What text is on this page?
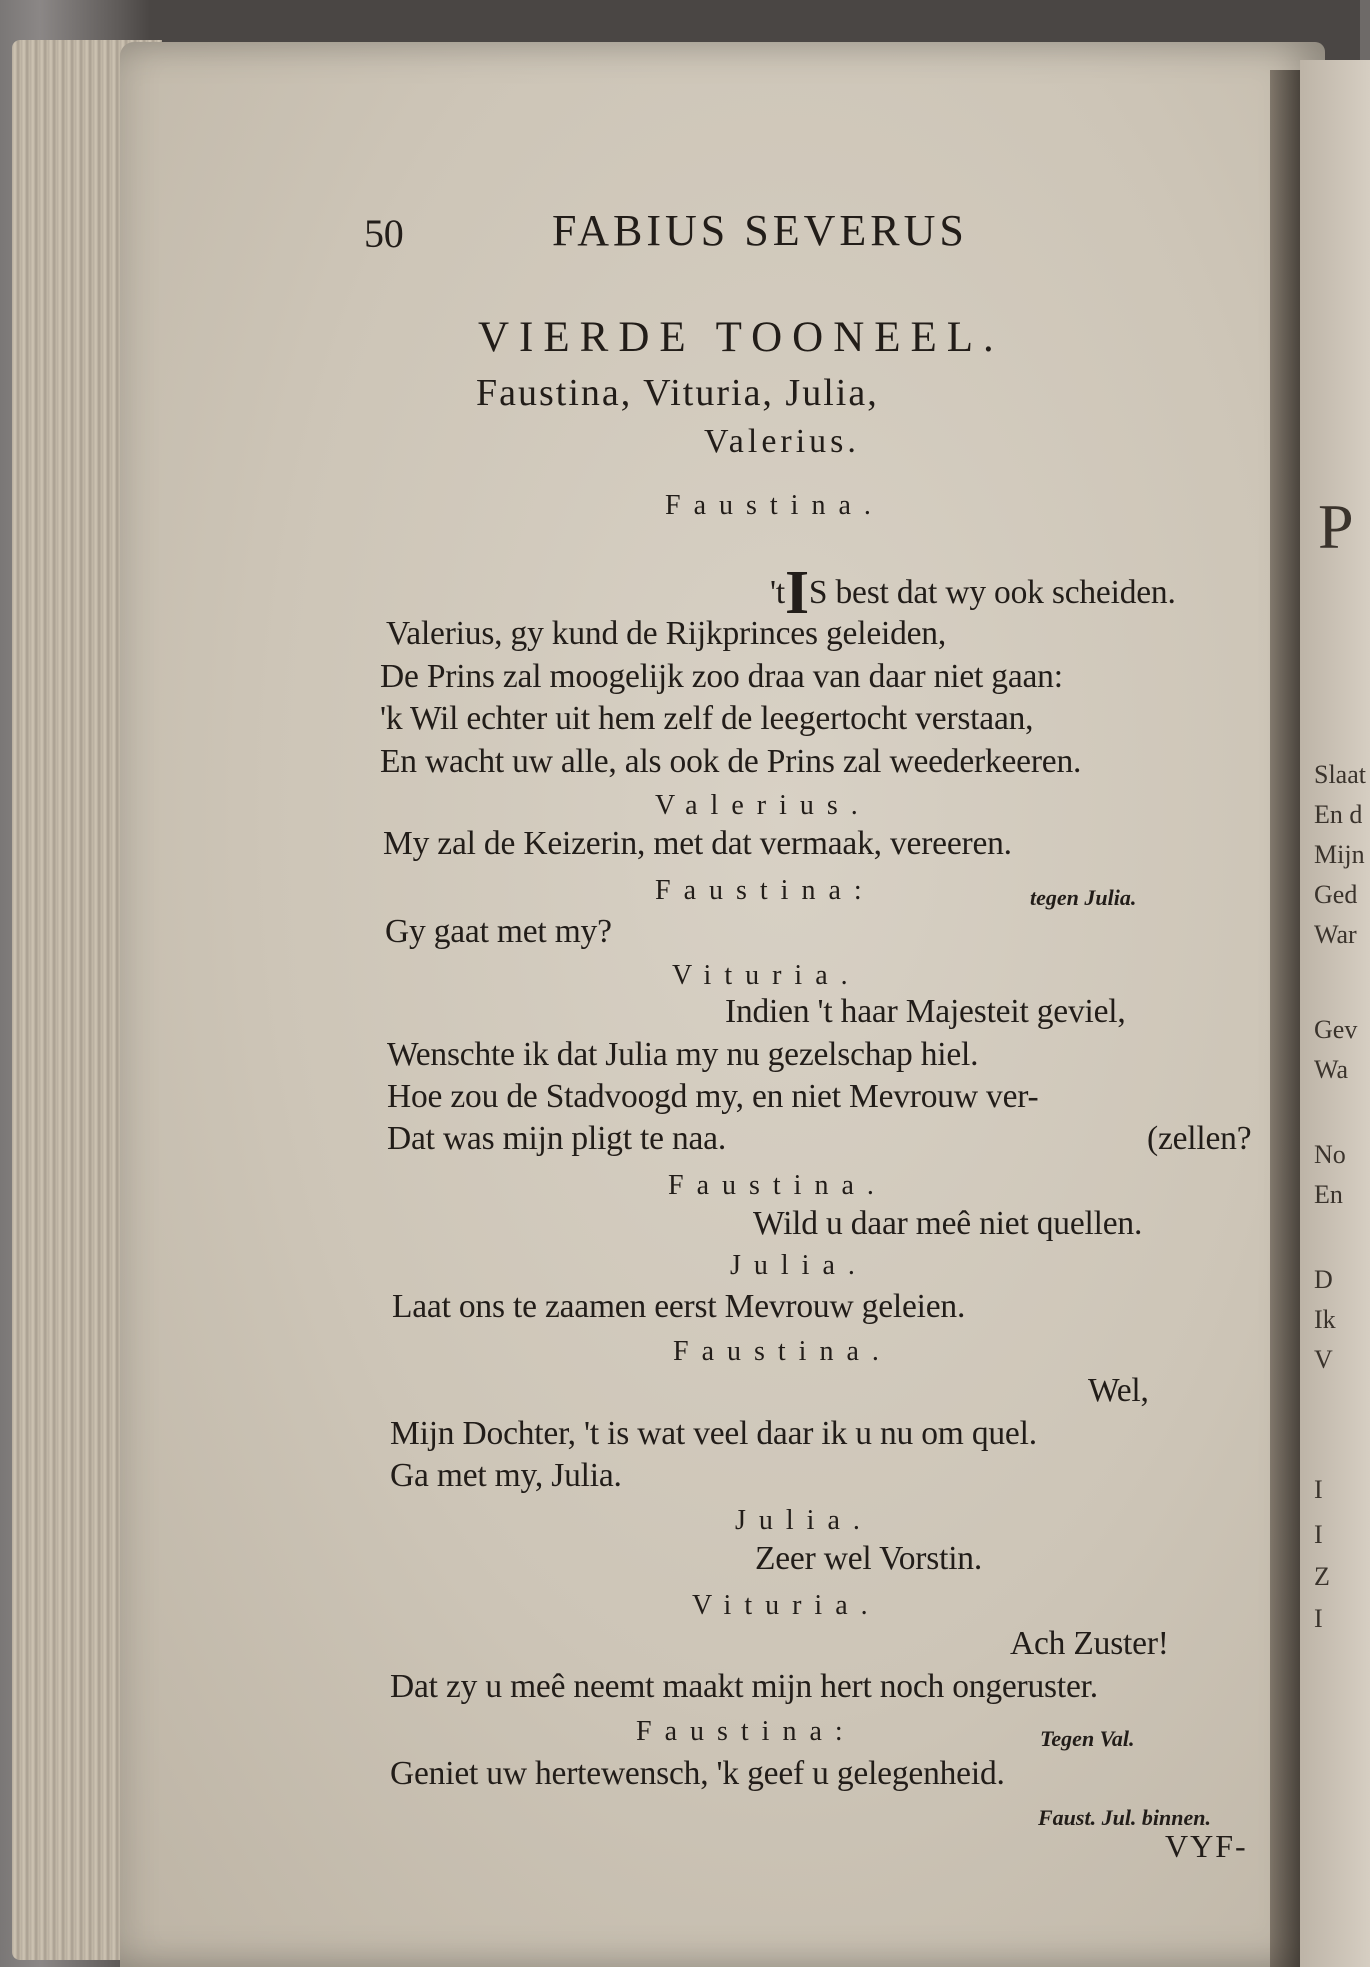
P
Slaat
En d
Mijn
Ged
War
Gev
Wa
No
En
D
Ik
V
I
I
Z
I
50	FABIUS SEVERUS
VIERDE TOONEEL.
Faustina, Vituria, Julia,
Valerius.
Faustina.
'tIS best dat wy ook scheiden.
Valerius, gy kund de Rijkprinces geleiden,
De Prins zal moogelijk zoo draa van daar niet gaan:
'k Wil echter uit hem zelf de leegertocht verstaan,
En wacht uw alle, als ook de Prins zal weederkeeren.
Valerius.
My zal de Keizerin, met dat vermaak, vereeren.
Faustina:	tegen Julia.
Gy gaat met my?
Vituria.
Indien 't haar Majesteit geviel,
Wenschte ik dat Julia my nu gezelschap hiel.
Hoe zou de Stadvoogd my, en niet Mevrouw ver-
Dat was mijn pligt te naa.	(zellen?
Faustina.
Wild u daar meê niet quellen.
Julia.
Laat ons te zaamen eerst Mevrouw geleien.
Faustina.
Wel,
Mijn Dochter, 't is wat veel daar ik u nu om quel.
Ga met my, Julia.
Julia.
Zeer wel Vorstin.
Vituria.
Ach Zuster!
Dat zy u meê neemt maakt mijn hert noch ongeruster.
Faustina:	Tegen Val.
Geniet uw hertewensch, 'k geef u gelegenheid.
Faust. Jul. binnen.
VYF-
